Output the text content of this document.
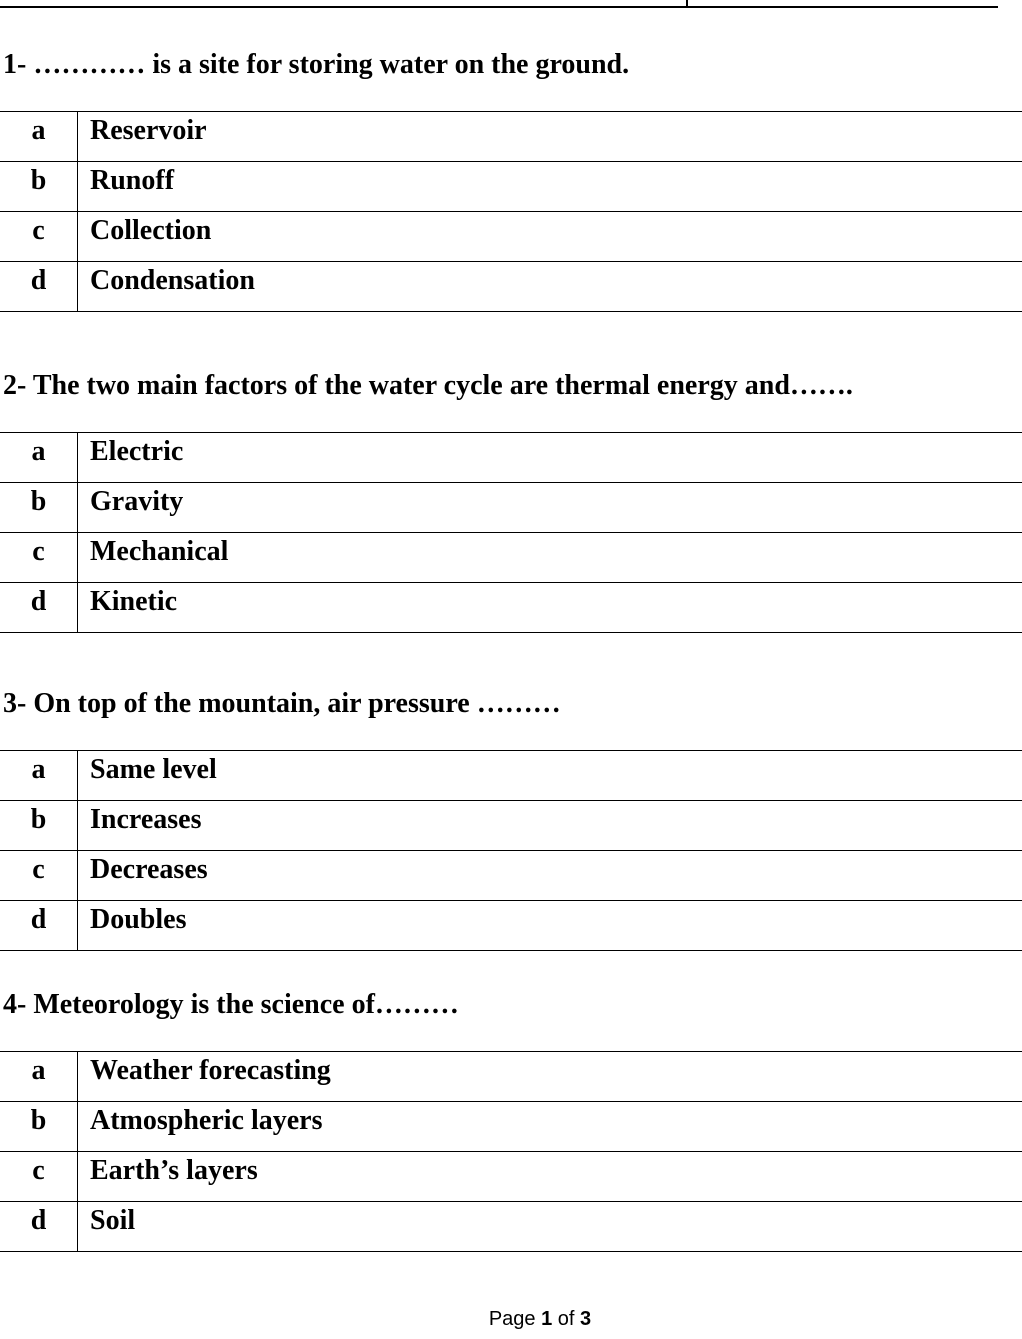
1- ………… is a site for storing water on the ground.

a	Reservoir
b	Runoff
c	Collection
d	Condensation

2- The two main factors of the water cycle are thermal energy and…….

a	Electric
b	Gravity
c	Mechanical
d	Kinetic

3- On top of the mountain, air pressure ………

a	Same level
b	Increases
c	Decreases
d	Doubles

4- Meteorology is the science of………

a	Weather forecasting
b	Atmospheric layers
c	Earth’s layers
d	Soil
Page 1 of 3
